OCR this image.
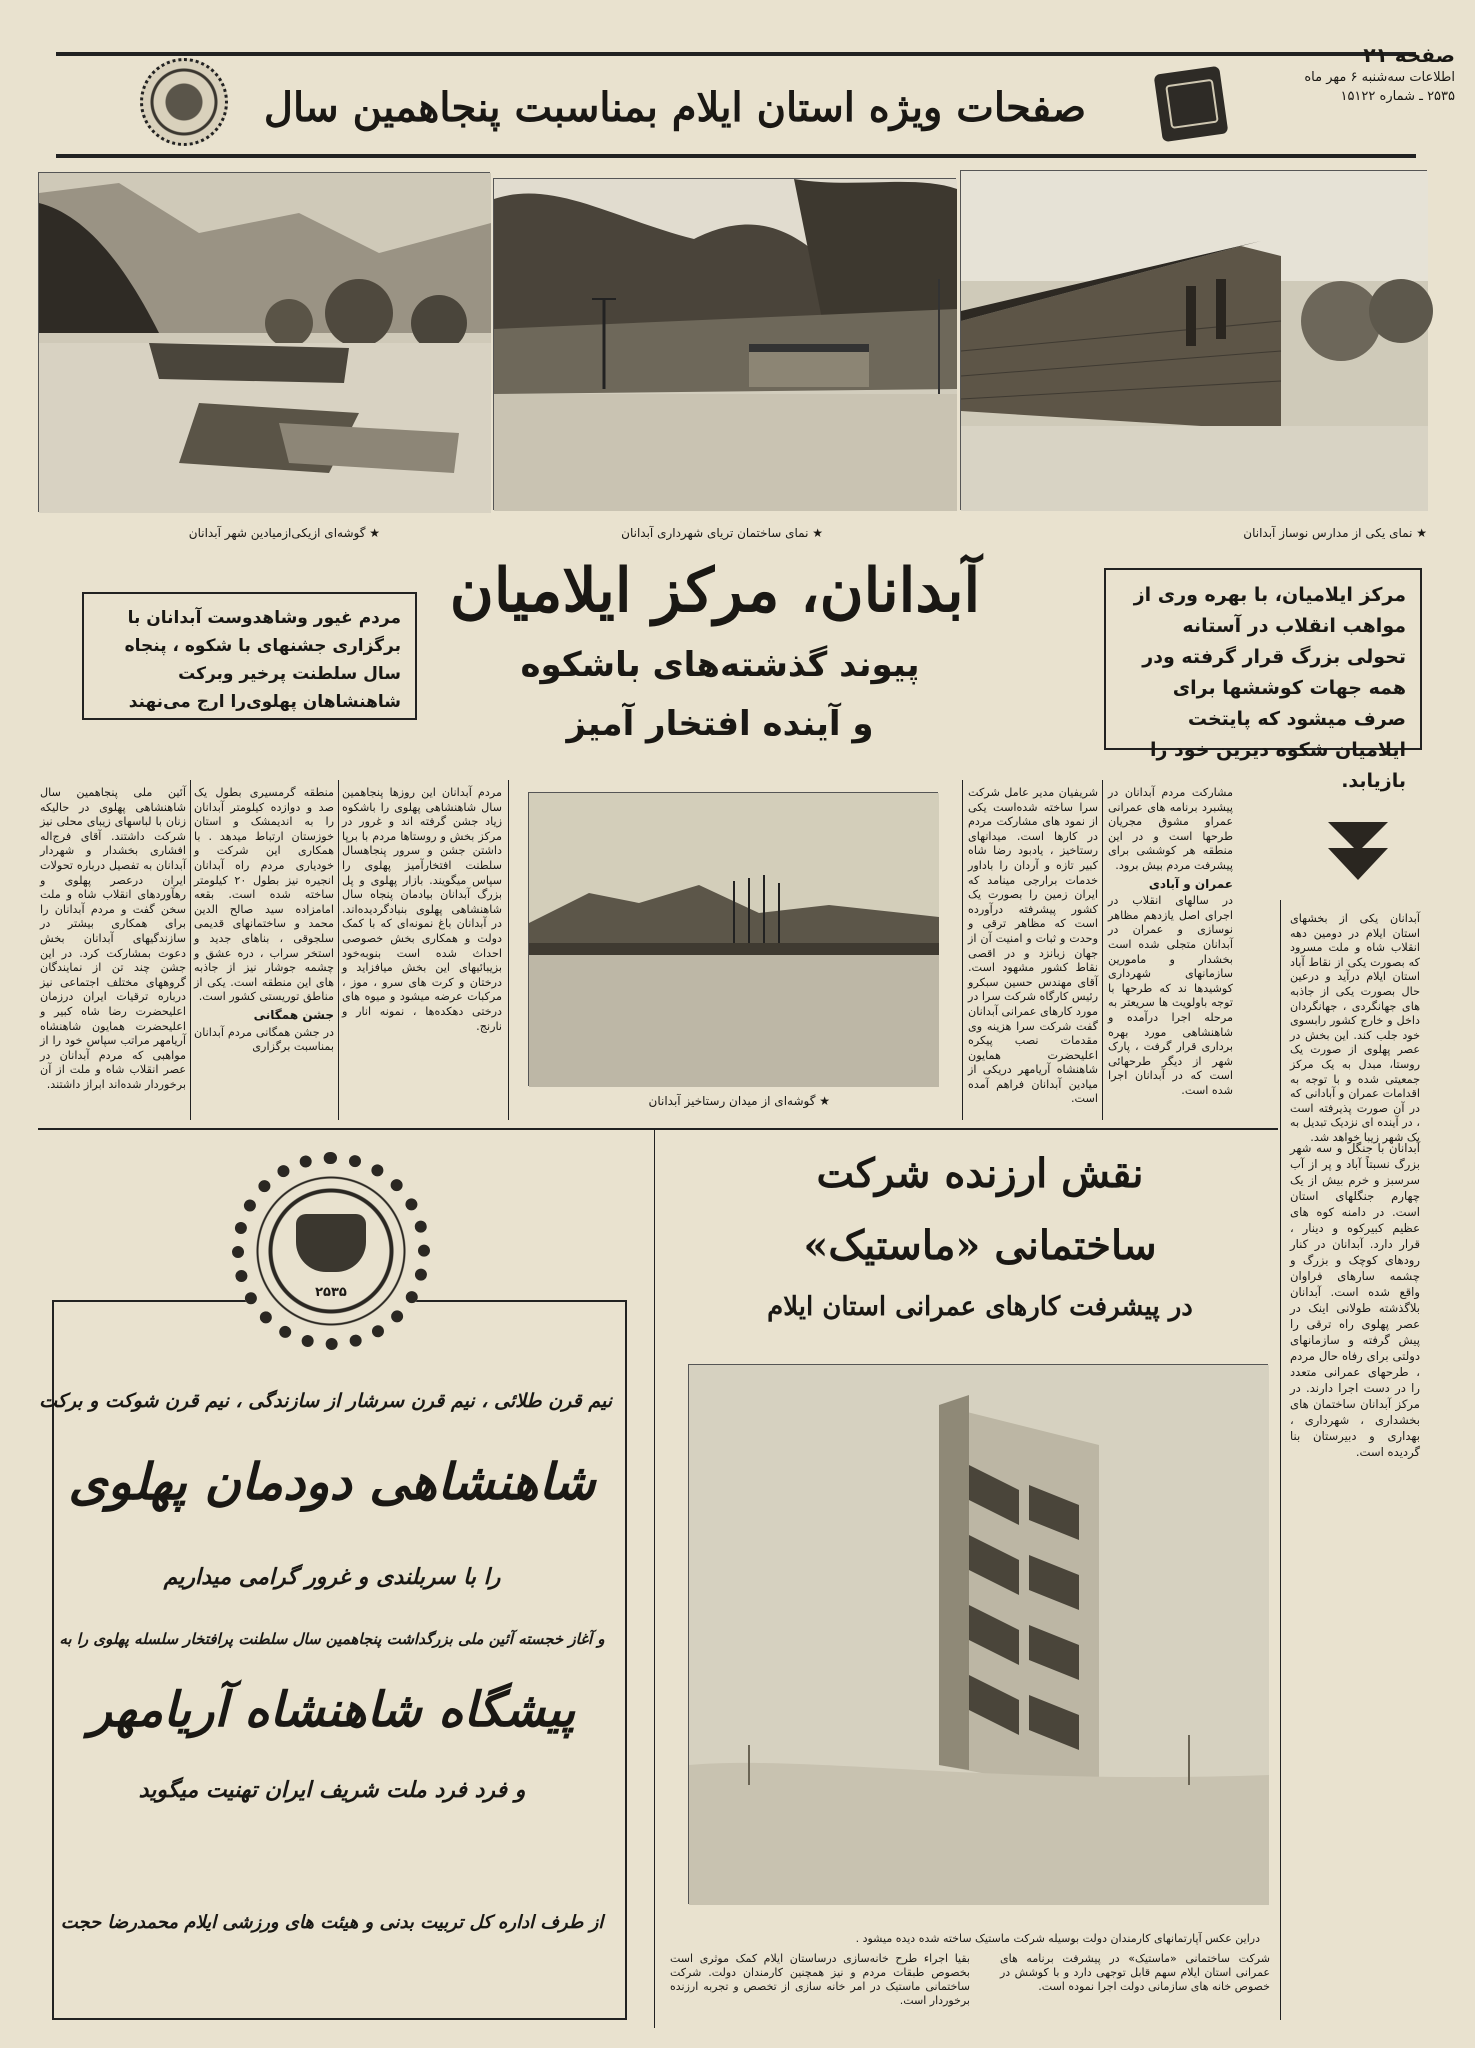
صفحات ویژه استان ایلام بمناسبت پنجاهمین سال
صفحه ۲۱
اطلاعات سه‌شنبه ۶ مهر ماه
۲۵۳۵ ـ شماره ۱۵۱۲۲
★ نمای یکی از مدارس نوساز آبدانان
★ نمای ساختمان تریای شهرداری آبدانان
★ گوشه‌ای ازیکی‌ازمیادین شهر آبدانان
مرکز ایلامیان، با بهره وری از مواهب انقلاب در آستانه تحولی بزرگ قرار گرفته ودر همه جهات کوششها برای صرف میشود که پایتخت ایلامیان شکوه دیرین خود را بازیابد.
آبدانان، مرکز ایلامیان
پیوند گذشته‌های باشکوه
و آینده افتخار آمیز
مردم غیور وشاهدوست آبدانان با برگزاری جشنهای با شکوه ، پنجاه سال سلطنت پرخیر وبرکت شاهنشاهان پهلوی‌را ارج می‌نهند
★ گوشه‌ای از میدان رستاخیز آبدانان
آبدانان یکی از بخشهای استان ایلام در دومین دهه انقلاب شاه و ملت مسرود که بصورت یکی از نقاط آباد استان ایلام درآید و درعین حال بصورت یکی از جاذبه های جهانگردی ، جهانگردان داخل و خارج کشور رابسوی خود جلب کند. این بخش در عصر پهلوی از صورت یک روستا، مبدل به یک مرکز جمعیتی شده و با توجه به اقدامات عمران و آبادانی که در آن صورت پذیرفته است ، در آینده ای نزدیک تبدیل به یک شهر زیبا خواهد شد.
مشارکت مردم آبدانان در پیشبرد برنامه های عمرانی عمراو مشوق مجریان طرحها است و در این منطقه هر کوششی برای پیشرفت مردم بیش برود.
عمران و آبادی
در سالهای انقلاب در اجرای اصل یازدهم مظاهر نوسازی و عمران در آبدانان متجلی شده است بخشدار و مامورین سازمانهای شهرداری کوشیدها ند که طرحها با توجه باولویت ها سریعتر به مرحله اجرا درآمده و شاهنشاهی مورد بهره برداری قرار گرفت ، پارک شهر از دیگر طرحهائی است که در آبدانان اجرا شده است.
شریفیان مدیر عامل شرکت سرا ساخته شده‌است یکی از نمود های مشارکت مردم در کارها است. میدانهای رستاخیز ، یادبود رضا شاه کبیر تازه و آردان را باداور خدمات برارجی مینامد که ایران زمین را بصورت یک کشور پیشرفته درآورده است که مظاهر ترقی و وحدت و ثبات و امنیت آن از جهان زبانزد و در اقصی نقاط کشور مشهود است. آقای مهندس حسین سبکرو رئیس کارگاه شرکت سرا در مورد کارهای عمرانی آبدانان گفت شرکت سرا هزینه وی مقدمات نصب پیکره اعلیحضرت همایون شاهنشاه آریامهر دریکی از میادین آبدانان فراهم آمده است.
مردم آبدانان این روزها پنجاهمین سال شاهنشاهی پهلوی را باشکوه زیاد جشن گرفته اند و غرور در مرکز بخش و روستاها مردم با برپا داشتن جشن و سرور پنجاهسال سلطنت افتخارآمیز پهلوی را سپاس میگویند. بازار پهلوی و پل بزرگ آبدانان بیادمان پنجاه سال شاهنشاهی پهلوی بنیادگردیده‌اند. در آبدانان باغ نمونه‌ای که با کمک دولت و همکاری بخش خصوصی احداث شده است بنوبه‌خود بزیبائیهای این بخش میافزاید و درختان و کرت های سرو ، موز ، مرکبات عرضه میشود و میوه های درختی دهکده‌ها ، نمونه انار و نارنج.
منطقه گرمسیری بطول یک صد و دوازده کیلومتر آبدانان را به اندیمشک و استان خوزستان ارتباط میدهد . با همکاری این شرکت و خودیاری مردم راه آبدانان انجیره نیز بطول ۲۰ کیلومتر ساخته شده است. بقعه امامزاده سید صالح الدین محمد و ساختمانهای قدیمی سلجوقی ، بناهای جدید و استخر سراب ، دره عشق و چشمه جوشار نیز از جاذبه های این منطقه است. یکی از مناطق توریستی کشور است.
جشن همگانی
در جشن همگانی مردم آبدانان بمناسبت برگزاری
آئین ملی پنجاهمین سال شاهنشاهی پهلوی در حالیکه زنان با لباسهای زیبای محلی نیز شرکت داشتند. آقای فرج‌اله افشاری بخشدار و شهردار آبدانان به تفصیل درباره تحولات ایران درعصر پهلوی و رهآوردهای انقلاب شاه و ملت سخن گفت و مردم آبدانان را برای همکاری بیشتر در سازندگیهای آبدانان بخش دعوت بمشارکت کرد. در این جشن چند تن از نمایندگان گروههای مختلف اجتماعی نیز درباره ترقیات ایران درزمان اعلیحضرت رضا شاه کبیر و اعلیحضرت همایون شاهنشاه آریامهر مراتب سپاس خود را از مواهبی که مردم آبدانان در عصر انقلاب شاه و ملت از آن برخوردار شده‌اند ابراز داشتند.
۲۵۳۵
نیم قرن طلائی ، نیم قرن سرشار از سازندگی ، نیم قرن شوکت و برکت
شاهنشاهی دودمان پهلوی
را با سربلندی و غرور گرامی میداریم
و آغاز خجسته آئین ملی بزرگداشت پنجاهمین سال سلطنت پرافتخار سلسله پهلوی را به
پیشگاه شاهنشاه آریامهر
و فرد فرد ملت شریف ایران تهنیت میگوید
از طرف اداره کل تربیت بدنی و هیئت های ورزشی ایلام محمدرضا حجت
نقش ارزنده شرکت
ساختمانی «ماستیک»
در پیشرفت کارهای عمرانی استان ایلام
دراین عکس آپارتمانهای کارمندان دولت بوسیله شرکت ماستیک ساخته شده دیده میشود .
شرکت ساختمانی «ماستیک» در پیشرفت برنامه های عمرانی استان ایلام سهم قابل توجهی دارد و با کوشش در خصوص خانه های سازمانی دولت اجرا نموده است.
بقیا اجراء طرح خانه‌سازی درساستان ایلام کمک موثری است بخصوص طبقات مردم و نیز همچنین کارمندان دولت. شرکت ساختمانی ماستیک در امر خانه سازی از تخصص و تجربه ارزنده برخوردار است.
آبدانان با جنگل و سه شهر بزرگ نسبتاً آباد و پر از آب سرسبز و خرم بیش از یک چهارم جنگلهای استان است. در دامنه کوه های عظیم کبیرکوه و دینار ، قرار دارد. آبدانان در کنار رودهای کوچک و بزرگ و چشمه سارهای فراوان واقع شده است. آبدانان بلاگذشته طولانی اینک در عصر پهلوی راه ترقی را پیش گرفته و سازمانهای دولتی برای رفاه حال مردم ، طرحهای عمرانی متعدد را در دست اجرا دارند. در مرکز آبدانان ساختمان های بخشداری ، شهرداری ، بهداری و دبیرستان بنا گردیده است.
